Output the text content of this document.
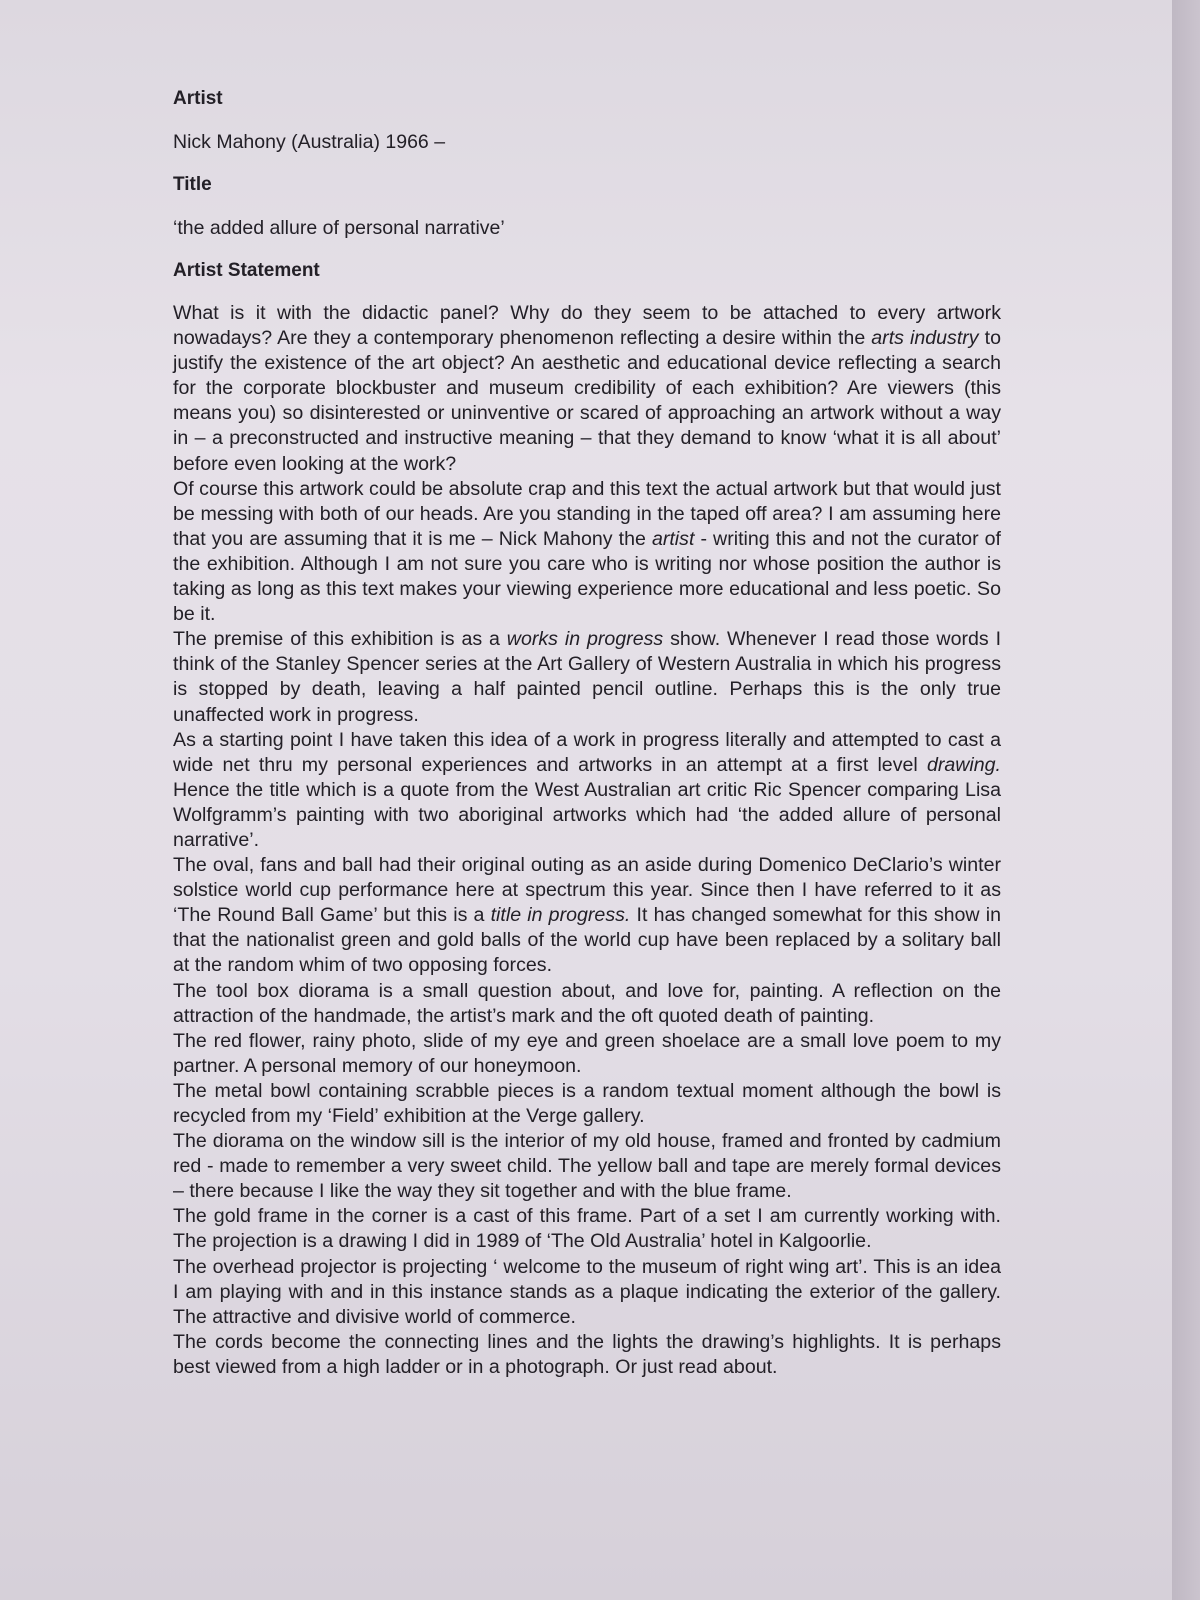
Artist
Nick Mahony (Australia) 1966 –
Title
‘the added allure of personal narrative’
Artist Statement

What is it with the didactic panel? Why do they seem to be attached to every artwork nowadays? Are they a contemporary phenomenon reflecting a desire within the arts industry to justify the existence of the art object? An aesthetic and educational device reflecting a search for the corporate blockbuster and museum credibility of each exhibition? Are viewers (this means you) so disinterested or uninventive or scared of approaching an artwork without a way in – a preconstructed and instructive meaning – that they demand to know ‘what it is all about’ before even looking at the work?

Of course this artwork could be absolute crap and this text the actual artwork but that would just be messing with both of our heads. Are you standing in the taped off area? I am assuming here that you are assuming that it is me – Nick Mahony the artist - writing this and not the curator of the exhibition. Although I am not sure you care who is writing nor whose position the author is taking as long as this text makes your viewing experience more educational and less poetic. So be it.

The premise of this exhibition is as a works in progress show. Whenever I read those words I think of the Stanley Spencer series at the Art Gallery of Western Australia in which his progress is stopped by death, leaving a half painted pencil outline. Perhaps this is the only true unaffected work in progress.

As a starting point I have taken this idea of a work in progress literally and attempted to cast a wide net thru my personal experiences and artworks in an attempt at a first level drawing. Hence the title which is a quote from the West Australian art critic Ric Spencer comparing Lisa Wolfgramm’s painting with two aboriginal artworks which had ‘the added allure of personal narrative’.

The oval, fans and ball had their original outing as an aside during Domenico DeClario’s winter solstice world cup performance here at spectrum this year. Since then I have referred to it as ‘The Round Ball Game’ but this is a title in progress. It has changed somewhat for this show in that the nationalist green and gold balls of the world cup have been replaced by a solitary ball at the random whim of two opposing forces.

The tool box diorama is a small question about, and love for, painting. A reflection on the attraction of the handmade, the artist’s mark and the oft quoted death of painting.

The red flower, rainy photo, slide of my eye and green shoelace are a small love poem to my partner. A personal memory of our honeymoon.

The metal bowl containing scrabble pieces is a random textual moment although the bowl is recycled from my ‘Field’ exhibition at the Verge gallery.

The diorama on the window sill is the interior of my old house, framed and fronted by cadmium red - made to remember a very sweet child. The yellow ball and tape are merely formal devices – there because I like the way they sit together and with the blue frame.

The gold frame in the corner is a cast of this frame. Part of a set I am currently working with. The projection is a drawing I did in 1989 of ‘The Old Australia’ hotel in Kalgoorlie.

The overhead projector is projecting ‘ welcome to the museum of right wing art’. This is an idea I am playing with and in this instance stands as a plaque indicating the exterior of the gallery. The attractive and divisive world of commerce.

The cords become the connecting lines and the lights the drawing’s highlights. It is perhaps best viewed from a high ladder or in a photograph. Or just read about.
